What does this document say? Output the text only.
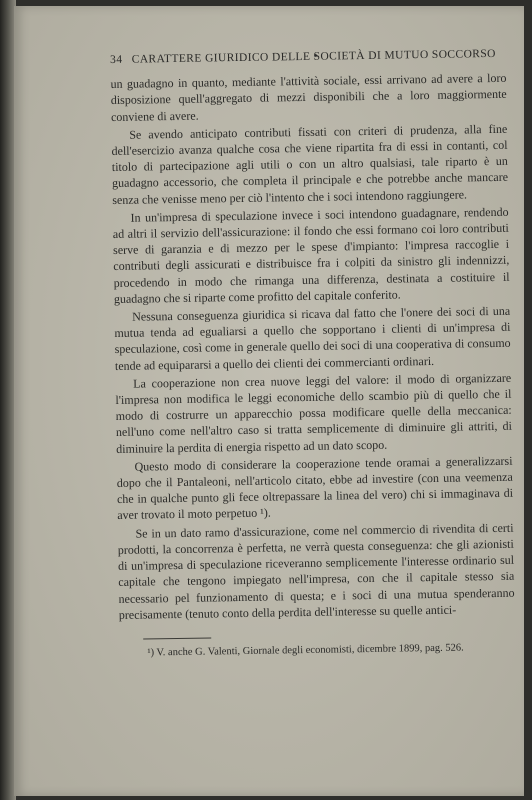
34 CARATTERE GIURIDICO DELLE SOCIETÀ DI MUTUO SOCCORSO

un guadagno in quanto, mediante l'attività sociale, essi arrivano ad avere a loro disposizione quell'aggregato di mezzi disponibili che a loro maggiormente conviene di avere.

Se avendo anticipato contributi fissati con criteri di prudenza, alla fine dell'esercizio avanza qualche cosa che viene ripartita fra di essi in contanti, col titolo di partecipazione agli utili o con un altro qualsiasi, tale riparto è un guadagno accessorio, che completa il principale e che potrebbe anche mancare senza che venisse meno per ciò l'intento che i soci intendono raggiungere.

In un'impresa di speculazione invece i soci intendono guadagnare, rendendo ad altri il servizio dell'assicurazione: il fondo che essi formano coi loro contributi serve di garanzia e di mezzo per le spese d'impianto: l'impresa raccoglie i contributi degli assicurati e distribuisce fra i colpiti da sinistro gli indennizzi, procedendo in modo che rimanga una differenza, destinata a costituire il guadagno che si riparte come profitto del capitale conferito.

Nessuna conseguenza giuridica si ricava dal fatto che l'onere dei soci di una mutua tenda ad egualiarsi a quello che sopportano i clienti di un'impresa di speculazione, così come in generale quello dei soci di una cooperativa di consumo tende ad equipararsi a quello dei clienti dei commercianti ordinari.

La cooperazione non crea nuove leggi del valore: il modo di organizzare l'impresa non modifica le leggi economiche dello scambio più di quello che il modo di costrurre un apparecchio possa modificare quelle della meccanica: nell'uno come nell'altro caso si tratta semplicemente di diminuire gli attriti, di diminuire la perdita di energia rispetto ad un dato scopo.

Questo modo di considerare la cooperazione tende oramai a generalizzarsi dopo che il Pantaleoni, nell'articolo citato, ebbe ad investire (con una veemenza che in qualche punto gli fece oltrepassare la linea del vero) chi si immaginava di aver trovato il moto perpetuo ¹).

Se in un dato ramo d'assicurazione, come nel commercio di rivendita di certi prodotti, la concorrenza è perfetta, ne verrà questa conseguenza: che gli azionisti di un'impresa di speculazione riceveranno semplicemente l'interesse ordinario sul capitale che tengono impiegato nell'impresa, con che il capitale stesso sia necessario pel funzionamento di questa; e i soci di una mutua spenderanno precisamente (tenuto conto della perdita dell'interesse su quelle antici-

¹) V. anche G. Valenti, Giornale degli economisti, dicembre 1899, pag. 526.
